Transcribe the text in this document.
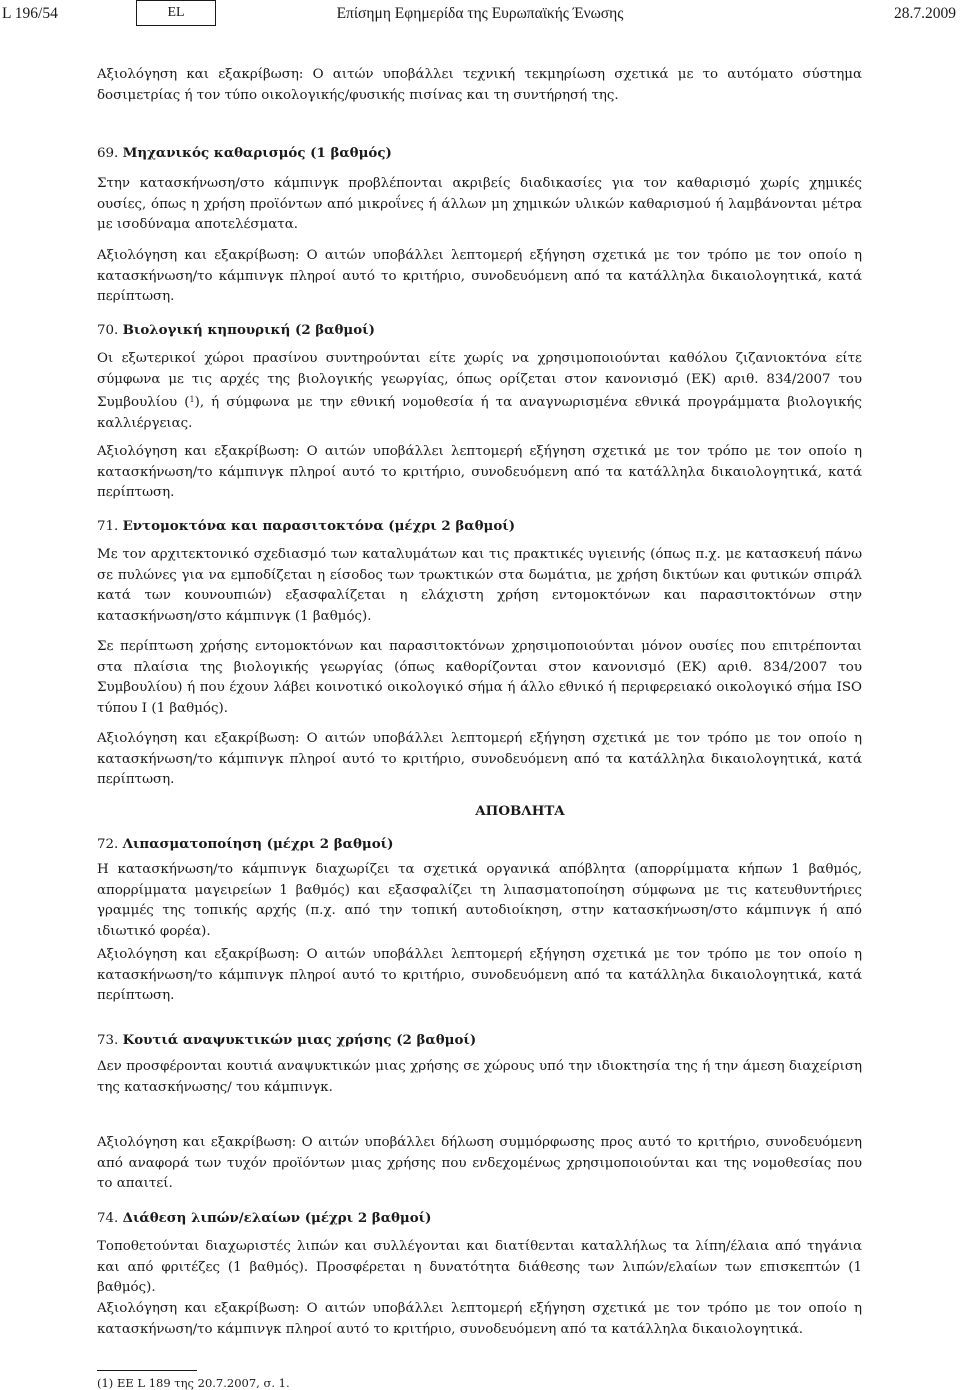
L 196/54	EL	Επίσημη Εφημερίδα της Ευρωπαϊκής Ένωσης	28.7.2009

Αξιολόγηση και εξακρίβωση: Ο αιτών υποβάλλει τεχνική τεκμηρίωση σχετικά με το αυτόματο σύστημα δοσιμετρίας ή τον τύπο οικολογικής/φυσικής πισίνας και τη συντήρησή της.

69. Μηχανικός καθαρισμός (1 βαθμός)

Στην κατασκήνωση/στο κάμπινγκ προβλέπονται ακριβείς διαδικασίες για τον καθαρισμό χωρίς χημικές ουσίες, όπως η χρήση προϊόντων από μικροΐνες ή άλλων μη χημικών υλικών καθαρισμού ή λαμβάνονται μέτρα με ισοδύναμα αποτελέσματα.

Αξιολόγηση και εξακρίβωση: Ο αιτών υποβάλλει λεπτομερή εξήγηση σχετικά με τον τρόπο με τον οποίο η κατασκήνωση/το κάμπινγκ πληροί αυτό το κριτήριο, συνοδευόμενη από τα κατάλληλα δικαιολογητικά, κατά περίπτωση.

70. Βιολογική κηπουρική (2 βαθμοί)

Οι εξωτερικοί χώροι πρασίνου συντηρούνται είτε χωρίς να χρησιμοποιούνται καθόλου ζιζανιοκτόνα είτε σύμφωνα με τις αρχές της βιολογικής γεωργίας, όπως ορίζεται στον κανονισμό (ΕΚ) αριθ. 834/2007 του Συμβουλίου ($^1$), ή σύμφωνα με την εθνική νομοθεσία ή τα αναγνωρισμένα εθνικά προγράμματα βιολογικής καλλιέργειας.

Αξιολόγηση και εξακρίβωση: Ο αιτών υποβάλλει λεπτομερή εξήγηση σχετικά με τον τρόπο με τον οποίο η κατασκήνωση/το κάμπινγκ πληροί αυτό το κριτήριο, συνοδευόμενη από τα κατάλληλα δικαιολογητικά, κατά περίπτωση.

71. Εντομοκτόνα και παρασιτοκτόνα (μέχρι 2 βαθμοί)

Με τον αρχιτεκτονικό σχεδιασμό των καταλυμάτων και τις πρακτικές υγιεινής (όπως π.χ. με κατασκευή πάνω σε πυλώνες για να εμποδίζεται η είσοδος των τρωκτικών στα δωμάτια, με χρήση δικτύων και φυτικών σπιράλ κατά των κουνουπιών) εξασφαλίζεται η ελάχιστη χρήση εντομοκτόνων και παρασιτοκτόνων στην κατασκήνωση/στο κάμπινγκ (1 βαθμός).

Σε περίπτωση χρήσης εντομοκτόνων και παρασιτοκτόνων χρησιμοποιούνται μόνον ουσίες που επιτρέπονται στα πλαίσια της βιολογικής γεωργίας (όπως καθορίζονται στον κανονισμό (ΕΚ) αριθ. 834/2007 του Συμβουλίου) ή που έχουν λάβει κοινοτικό οικολογικό σήμα ή άλλο εθνικό ή περιφερειακό οικολογικό σήμα ISO τύπου I (1 βαθμός).

Αξιολόγηση και εξακρίβωση: Ο αιτών υποβάλλει λεπτομερή εξήγηση σχετικά με τον τρόπο με τον οποίο η κατασκήνωση/το κάμπινγκ πληροί αυτό το κριτήριο, συνοδευόμενη από τα κατάλληλα δικαιολογητικά, κατά περίπτωση.

ΑΠΟΒΛΗΤΑ

72. Λιπασματοποίηση (μέχρι 2 βαθμοί)

Η κατασκήνωση/το κάμπινγκ διαχωρίζει τα σχετικά οργανικά απόβλητα (απορρίμματα κήπων 1 βαθμός, απορρίμματα μαγειρείων 1 βαθμός) και εξασφαλίζει τη λιπασματοποίηση σύμφωνα με τις κατευθυντήριες γραμμές της τοπικής αρχής (π.χ. από την τοπική αυτοδιοίκηση, στην κατασκήνωση/στο κάμπινγκ ή από ιδιωτικό φορέα).

Αξιολόγηση και εξακρίβωση: Ο αιτών υποβάλλει λεπτομερή εξήγηση σχετικά με τον τρόπο με τον οποίο η κατασκήνωση/το κάμπινγκ πληροί αυτό το κριτήριο, συνοδευόμενη από τα κατάλληλα δικαιολογητικά, κατά περίπτωση.

73. Κουτιά αναψυκτικών μιας χρήσης (2 βαθμοί)

Δεν προσφέρονται κουτιά αναψυκτικών μιας χρήσης σε χώρους υπό την ιδιοκτησία της ή την άμεση διαχείριση της κατασκήνωσης/ του κάμπινγκ.

Αξιολόγηση και εξακρίβωση: Ο αιτών υποβάλλει δήλωση συμμόρφωσης προς αυτό το κριτήριο, συνοδευόμενη από αναφορά των τυχόν προϊόντων μιας χρήσης που ενδεχομένως χρησιμοποιούνται και της νομοθεσίας που το απαιτεί.

74. Διάθεση λιπών/ελαίων (μέχρι 2 βαθμοί)

Τοποθετούνται διαχωριστές λιπών και συλλέγονται και διατίθενται καταλλήλως τα λίπη/έλαια από τηγάνια και από φριτέζες (1 βαθμός). Προσφέρεται η δυνατότητα διάθεσης των λιπών/ελαίων των επισκεπτών (1 βαθμός).

Αξιολόγηση και εξακρίβωση: Ο αιτών υποβάλλει λεπτομερή εξήγηση σχετικά με τον τρόπο με τον οποίο η κατασκήνωση/το κάμπινγκ πληροί αυτό το κριτήριο, συνοδευόμενη από τα κατάλληλα δικαιολογητικά.

(1) ΕΕ L 189 της 20.7.2007, σ. 1.
